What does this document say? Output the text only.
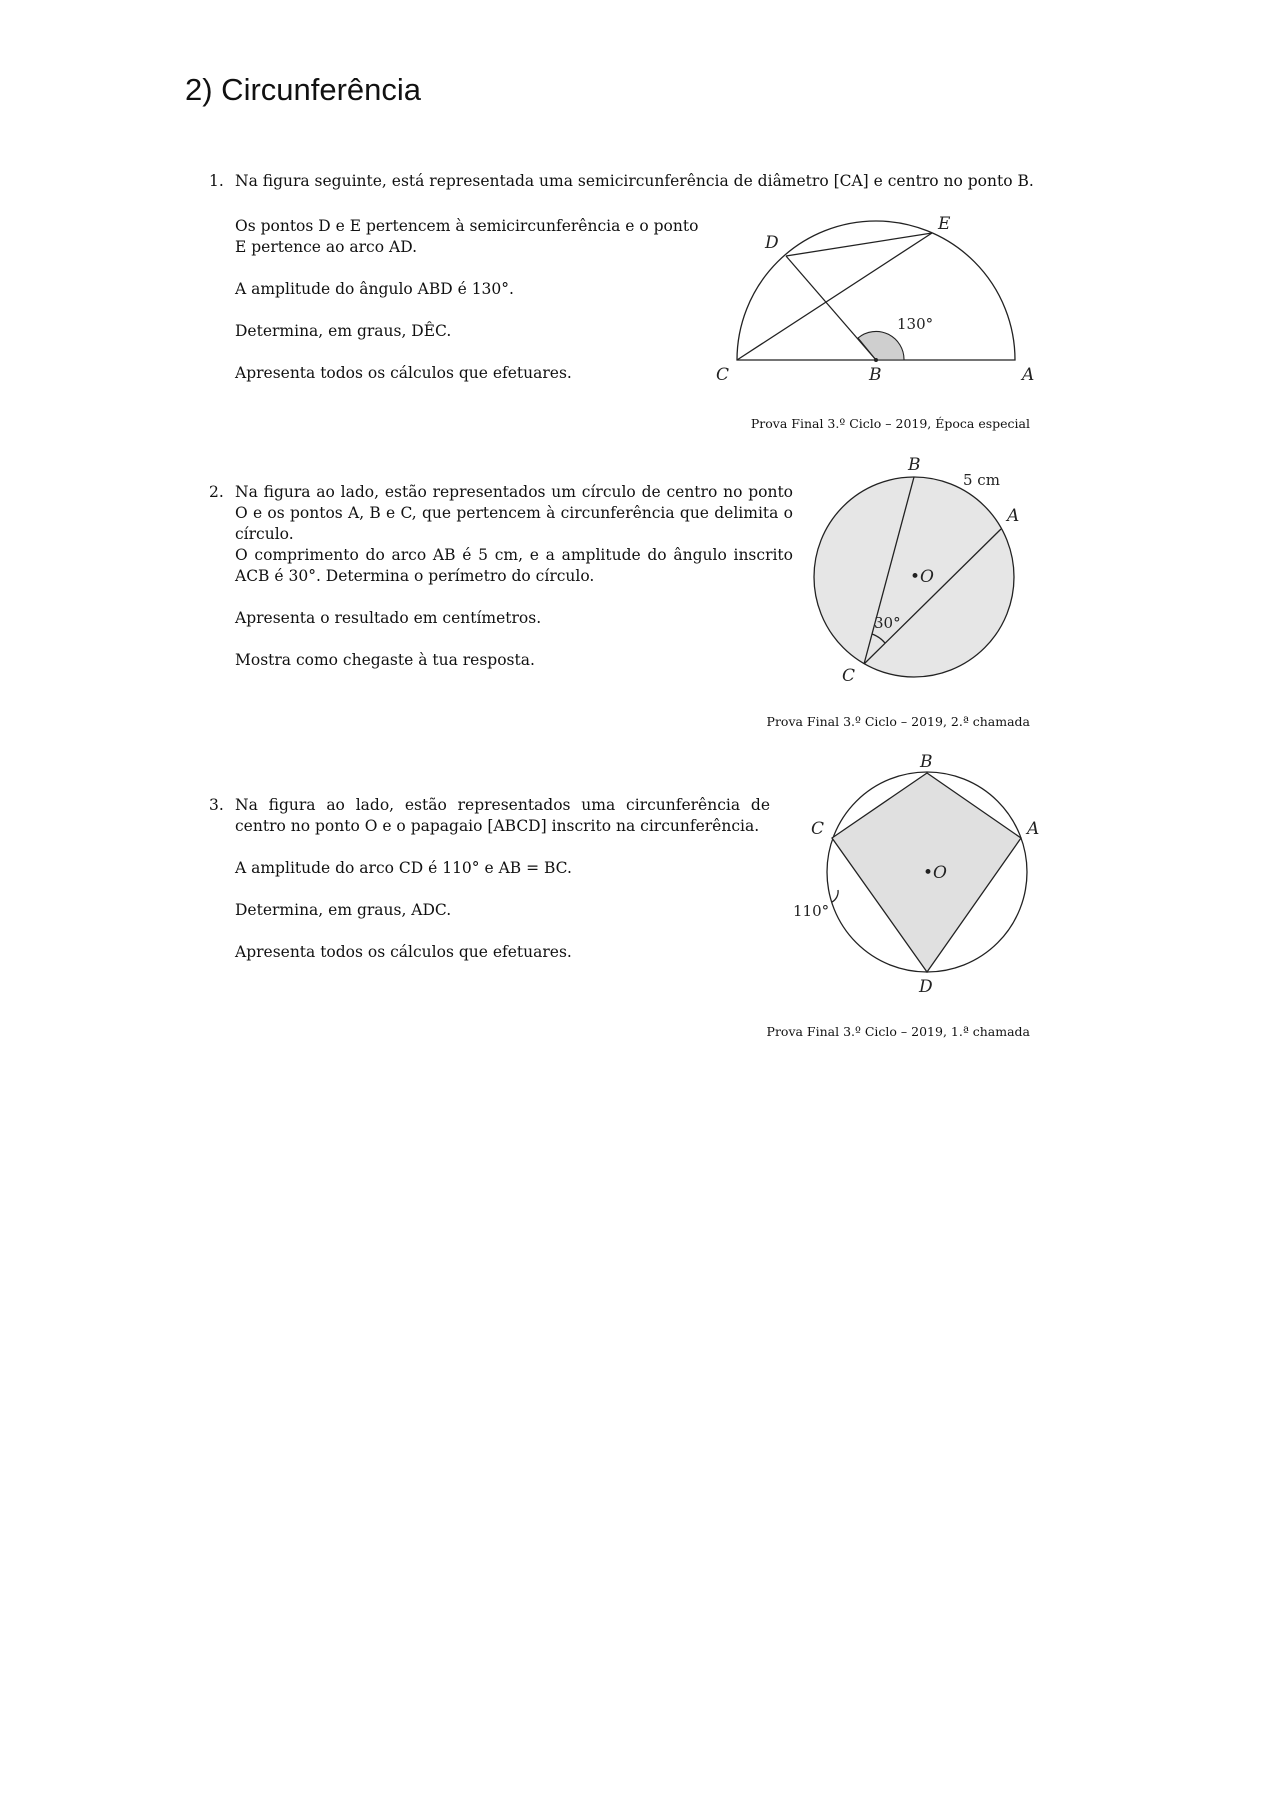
2) Circunferência
1. Na figura seguinte, está representada uma semicircunferência de diâmetro [CA] e centro no ponto B.

Os pontos D e E pertencem à semicircunferência e o ponto E pertence ao arco AD.

A amplitude do ângulo ABD é 130°.

Determina, em graus, DÊC.

Apresenta todos os cálculos que efetuares.	C	B	A
D
E
130°
Prova Final 3.º Ciclo – 2019, Época especial
2. Na figura ao lado, estão representados um círculo de centro no ponto O e os pontos A, B e C, que pertencem à circunferência que delimita o círculo.

O comprimento do arco AB é 5 cm, e a amplitude do ângulo inscrito ACB é 30°. Determina o perímetro do círculo.

Apresenta o resultado em centímetros.

Mostra como chegaste à tua resposta.

B
A
C
•O
5 cm
30°
Prova Final 3.º Ciclo – 2019, 2.ª chamada
3. Na figura ao lado, estão representados uma circunferência de centro no ponto O e o papagaio [ABCD] inscrito na circunferência.

A amplitude do arco CD é 110° e AB = BC.

Determina, em graus, ADC.

Apresenta todos os cálculos que efetuares.

B
C	A
D
•O
110°
Prova Final 3.º Ciclo – 2019, 1.ª chamada
